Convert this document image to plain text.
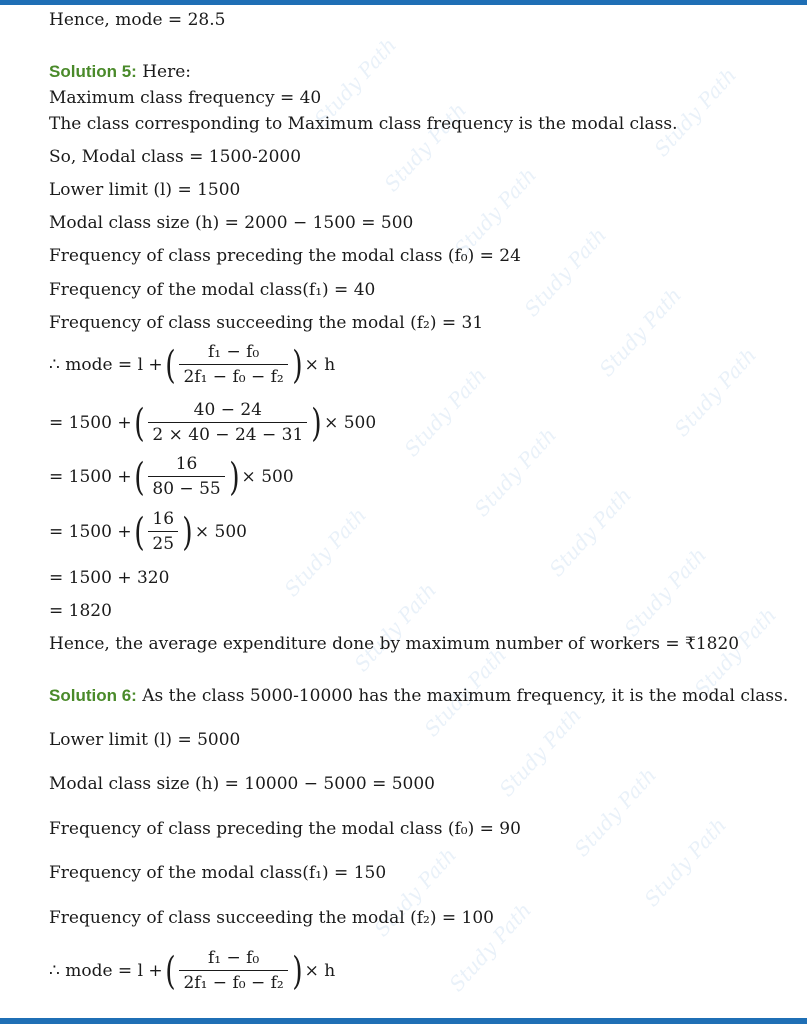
Study Path	Study Path
Study Path
Study Path
Study Path
Study Path
Study Path
Study Path
Study Path
Study Path
Study Path	Study Path
Study Path	Study Path
Study Path
Study Path
Study Path
Study Path
Study Path
Study Path
Hence, mode = 28.5
Solution 5: Here:
Maximum class frequency = 40
The class corresponding to Maximum class frequency is the modal class.
So, Modal class = 1500-2000
Lower limit (l) = 1500
Modal class size (h) = 2000 − 1500 = 500
Frequency of class preceding the modal class (f₀) = 24
Frequency of the modal class(f₁) = 40
Frequency of class succeeding the modal (f₂) = 31
∴ mode = l + ( $\frac{\text{f₁ − f₀}}{\text{2f₁ − f₀ − f₂}}$ ) × h
= 1500 + ( $\frac{40 - 24}{2 \times 40 - 24 - 31}$ ) × 500
= 1500 + ( $\frac{16}{80 - 55}$ ) × 500
= 1500 + ( $\frac{16}{25}$ ) × 500
= 1500 + 320
= 1820
Hence, the average expenditure done by maximum number of workers = ₹1820
Solution 6: As the class 5000-10000 has the maximum frequency, it is the modal class.
Lower limit (l) = 5000
Modal class size (h) = 10000 − 5000 = 5000
Frequency of class preceding the modal class (f₀) = 90
Frequency of the modal class(f₁) = 150
Frequency of class succeeding the modal (f₂) = 100
∴ mode = l + ( $\frac{\text{f₁ − f₀}}{\text{2f₁ − f₀ − f₂}}$ ) × h
